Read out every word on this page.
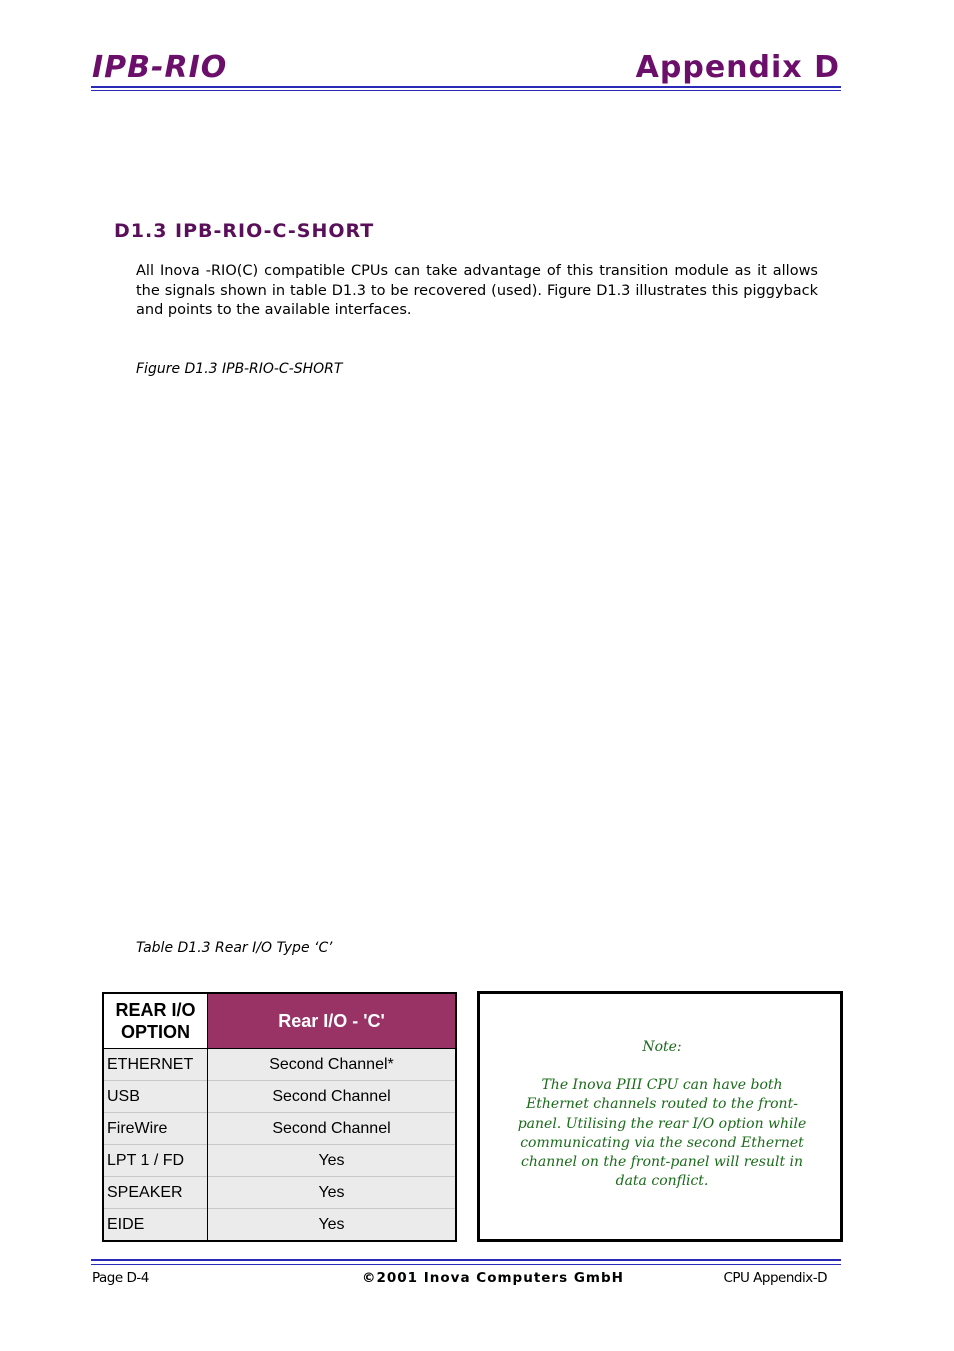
IPB-RIO	Appendix D
D1.3 IPB-RIO-C-SHORT
All Inova -RIO(C) compatible CPUs can take advantage of this transition module as it allows the signals shown in table D1.3 to be recovered (used). Figure D1.3 illustrates this piggyback and points to the available interfaces.
Figure D1.3 IPB-RIO-C-SHORT
Table D1.3 Rear I/O Type ‘C’
REAR I/O
OPTION	Rear I/O - 'C'
ETHERNET	Second Channel*
USB	Second Channel
FireWire	Second Channel
LPT 1 / FD	Yes
SPEAKER	Yes
EIDE	Yes
Note:
The Inova PIII CPU can have both
Ethernet channels routed to the front-
panel. Utilising the rear I/O option while
communicating via the second Ethernet
channel on the front-panel will result in
data conflict.
Page D-4	©2001 Inova Computers GmbH	CPU Appendix-D
